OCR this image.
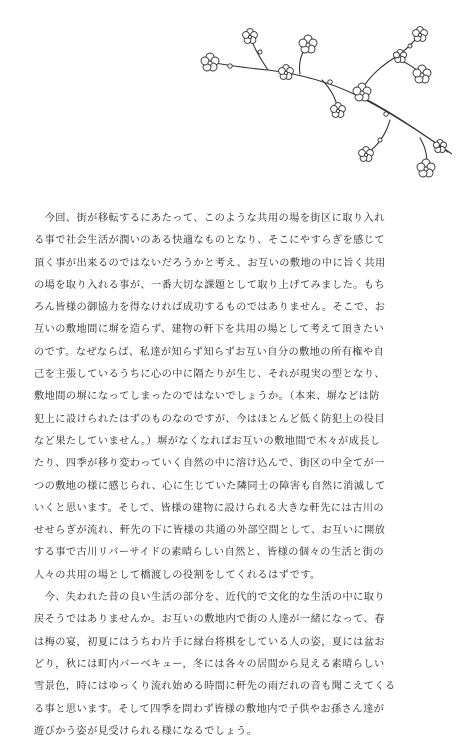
　今回、街が移転するにあたって、このような共用の場を街区に取り入れ
る事で社会生活が潤いのある快適なものとなり、そこにやすらぎを感じて
頂く事が出来るのではないだろうかと考え、お互いの敷地の中に旨く共用
の場を取り入れる事が、一番大切な課題として取り上げてみました。もち
ろん皆様の御協力を得なければ成功するものではありません。そこで、お
互いの敷地間に塀を造らず、建物の軒下を共用の場として考えて頂きたい
のです。なぜならば、私達が知らず知らずお互い自分の敷地の所有権や自
己を主張しているうちに心の中に隔たりが生じ、それが現実の型となり、
敷地間の塀になってしまったのではないでしょうか。（本来、塀などは防
犯上に設けられたはずのものなのですが、今はほとんど低く防犯上の役目
など果たしていません。）塀がなくなればお互いの敷地間で木々が成長し
たり、四季が移り変わっていく自然の中に溶け込んで、街区の中全てが一
つの敷地の様に感じられ、心に生じていた隣同士の障害も自然に消滅して
いくと思います。そして、皆様の建物に設けられる大きな軒先には古川の
せせらぎが流れ、軒先の下に皆様の共通の外部空間として、お互いに開放
する事で古川リバーサイドの素晴らしい自然と、皆様の個々の生活と街の
人々の共用の場として橋渡しの役割をしてくれるはずです。

　今、失われた昔の良い生活の部分を、近代的で文化的な生活の中に取り
戻そうではありませんか。お互いの敷地内で街の人達が一緒になって、春
は梅の宴，初夏にはうちわ片手に縁台将棋をしている人の姿，夏には盆お
どり，秋には町内バーベキュー，冬には各々の居間から見える素晴らしい
雪景色，時にはゆっくり流れ始める時間に軒先の雨だれの音も聞こえてくる
る事と思います。そして四季を問わず皆様の敷地内で子供やお孫さん達が
遊びかう姿が見受けられる様になるでしょう。
